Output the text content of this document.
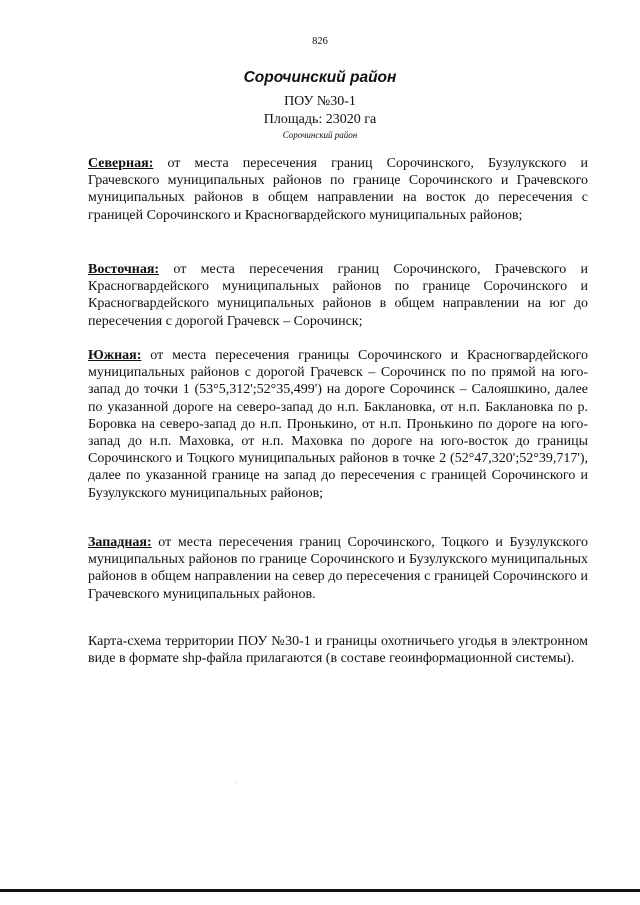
826
Сорочинский район
ПОУ №30-1
Площадь: 23020 га
Сорочинский район
Северная: от места пересечения границ Сорочинского, Бузулукского и Грачевского муниципальных районов по границе Сорочинского и Грачевского муниципальных районов в общем направлении на восток до пересечения с границей Сорочинского и Красногвардейского муниципальных районов;
Восточная: от места пересечения границ Сорочинского, Грачевского и Красногвардейского муниципальных районов по границе Сорочинского и Красногвардейского муниципальных районов в общем направлении на юг до пересечения с дорогой Грачевск – Сорочинск;
Южная: от места пересечения границы Сорочинского и Красногвардейского муниципальных районов с дорогой Грачевск – Сорочинск по по прямой на юго-запад до точки 1 (53°5,312';52°35,499') на дороге Сорочинск – Салояшкино, далее по указанной дороге на северо-запад до н.п. Баклановка, от н.п. Баклановка по р. Боровка на северо-запад до н.п. Пронькино, от н.п. Пронькино по дороге на юго-запад до н.п. Маховка, от н.п. Маховка по дороге на юго-восток до границы Сорочинского и Тоцкого муниципальных районов в точке 2 (52°47,320';52°39,717'), далее по указанной границе на запад до пересечения с границей Сорочинского и Бузулукского муниципальных районов;
Западная: от места пересечения границ Сорочинского, Тоцкого и Бузулукского муниципальных районов по границе Сорочинского и Бузулукского муниципальных районов в общем направлении на север до пересечения с границей Сорочинского и Грачевского муниципальных районов.
Карта-схема территории ПОУ №30-1 и границы охотничьего угодья в электронном виде в формате shp-файла прилагаются (в составе геоинформационной системы).
